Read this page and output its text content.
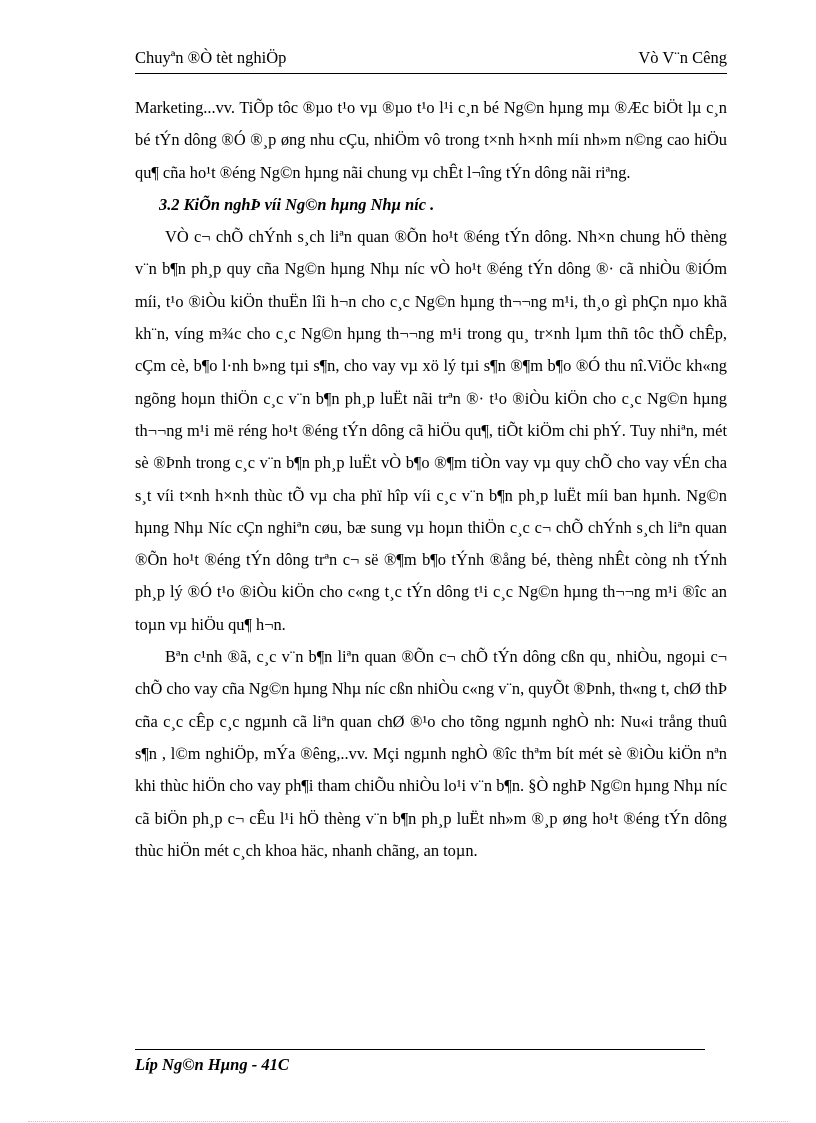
Chuyªn ®Ò tèt nghiÖp	Vò V¨n Cêng

Marketing...vv. TiÕp tôc ®µo t¹o vµ ®µo t¹o l¹i c¸n bé Ng©n hµng mµ ®Æc biÖt lµ c¸n bé tÝn dông ®Ó ®¸p øng nhu cÇu, nhiÖm vô trong t×nh h×nh míi nh»m n©ng cao hiÖu qu¶ cña ho¹t ®éng Ng©n hµng nãi chung vµ chÊt l¬îng tÝn dông nãi riªng.

3.2 KiÕn nghÞ víi Ng©n hµng Nhµ níc .

VÒ c¬ chÕ chÝnh s¸ch liªn quan ®Õn ho¹t ®éng tÝn dông. Nh×n chung hÖ thèng v¨n b¶n ph¸p quy cña Ng©n hµng Nhµ níc vÒ ho¹t ®éng tÝn dông ®· cã nhiÒu ®iÓm míi, t¹o ®iÒu kiÖn thuËn lîi h¬n cho c¸c Ng©n hµng th¬¬ng m¹i, th¸o gì phÇn nµo khã kh¨n, víng m¾c cho c¸c Ng©n hµng th¬¬ng m¹i trong qu¸ tr×nh lµm thñ tôc thÕ chÊp, cÇm cè, b¶o l·nh b»ng tµi s¶n, cho vay vµ xö lý tµi s¶n ®¶m b¶o ®Ó thu nî.ViÖc kh«ng ngõng hoµn thiÖn c¸c v¨n b¶n ph¸p luËt nãi trªn ®· t¹o ®iÒu kiÖn cho c¸c Ng©n hµng th¬¬ng m¹i më réng ho¹t ®éng tÝn dông cã hiÖu qu¶, tiÕt kiÖm chi phÝ. Tuy nhiªn, mét sè ®Þnh trong c¸c v¨n b¶n ph¸p luËt vÒ b¶o ®¶m tiÒn vay vµ quy chÕ cho vay vÉn cha s¸t víi t×nh h×nh thùc tÕ vµ cha phï hîp víi c¸c v¨n b¶n ph¸p luËt míi ban hµnh. Ng©n hµng Nhµ Níc cÇn nghiªn cøu, bæ sung vµ hoµn thiÖn c¸c c¬ chÕ chÝnh s¸ch liªn quan ®Õn ho¹t ®éng tÝn dông trªn c¬ së ®¶m b¶o tÝnh ®ång bé, thèng nhÊt còng nh tÝnh ph¸p lý ®Ó t¹o ®iÒu kiÖn cho c«ng t¸c tÝn dông t¹i c¸c Ng©n hµng th¬¬ng m¹i ®îc an toµn vµ hiÖu qu¶ h¬n.

Bªn c¹nh ®ã, c¸c v¨n b¶n liªn quan ®Õn c¬ chÕ tÝn dông cßn qu¸ nhiÒu, ngoµi c¬ chÕ cho vay cña Ng©n hµng Nhµ níc cßn nhiÒu c«ng v¨n, quyÕt ®Þnh, th«ng t, chØ thÞ cña c¸c cÊp c¸c ngµnh cã liªn quan chØ ®¹o cho tõng ngµnh nghÒ nh: Nu«i trång thuû s¶n , l©m nghiÖp, mÝa ®êng,..vv. Mçi ngµnh nghÒ ®îc thªm bít mét sè ®iÒu kiÖn nªn khi thùc hiÖn cho vay ph¶i tham chiÕu nhiÒu lo¹i v¨n b¶n. §Ò nghÞ Ng©n hµng Nhµ níc cã biÖn ph¸p c¬ cÊu l¹i hÖ thèng v¨n b¶n ph¸p luËt nh»m ®¸p øng ho¹t ®éng tÝn dông thùc hiÖn mét c¸ch khoa häc, nhanh chãng, an toµn.

Líp Ng©n Hµng - 41C
